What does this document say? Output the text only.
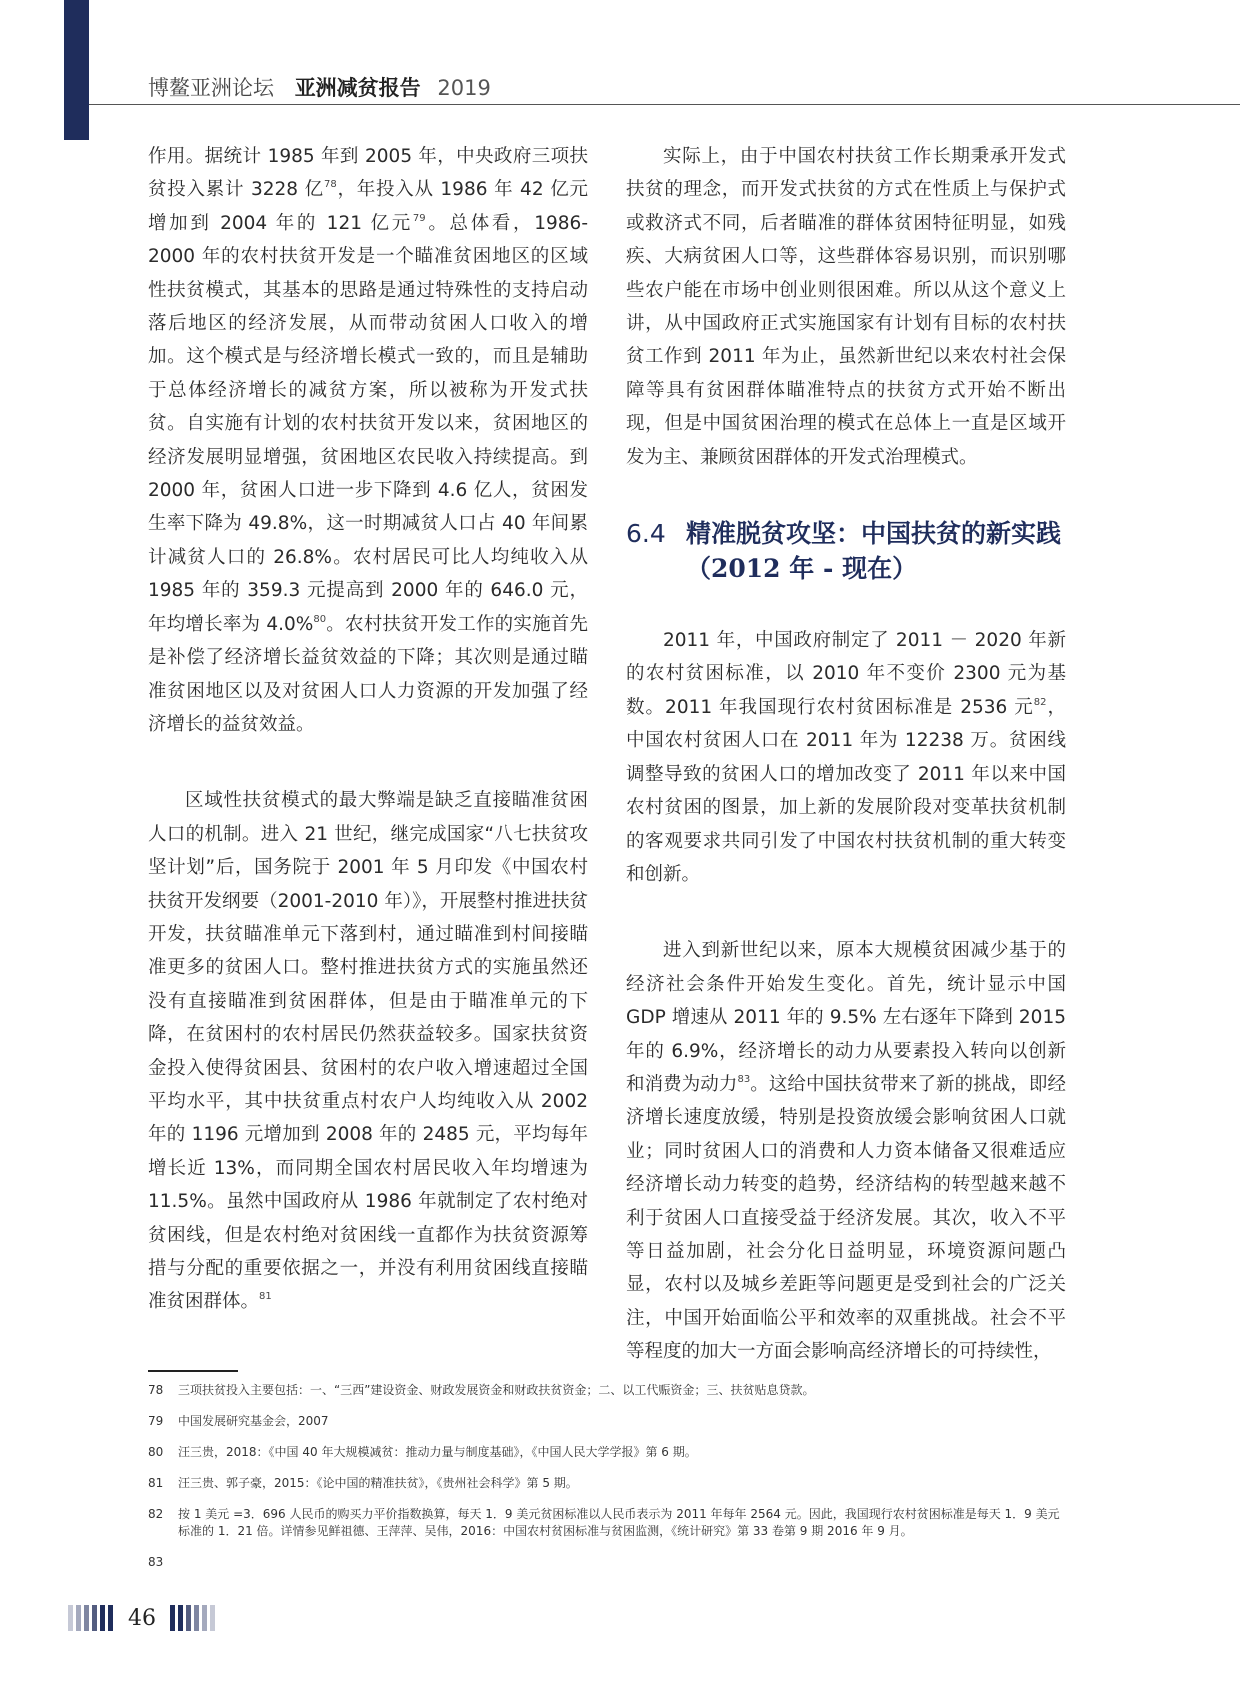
博鳌亚洲论坛 亚洲减贫报告 2019

作用。据统计 1985 年到 2005 年，中央政府三项扶贫投入累计 3228 亿$^{78}$，年投入从 1986 年 42 亿元增加到 2004 年的 121 亿元$^{79}$。总体看，1986-2000 年的农村扶贫开发是一个瞄准贫困地区的区域性扶贫模式，其基本的思路是通过特殊性的支持启动落后地区的经济发展，从而带动贫困人口收入的增加。这个模式是与经济增长模式一致的，而且是辅助于总体经济增长的减贫方案，所以被称为开发式扶贫。自实施有计划的农村扶贫开发以来，贫困地区的经济发展明显增强，贫困地区农民收入持续提高。到 2000 年，贫困人口进一步下降到 4.6 亿人，贫困发生率下降为 49.8%，这一时期减贫人口占 40 年间累计减贫人口的 26.8%。农村居民可比人均纯收入从 1985 年的 359.3 元提高到 2000 年的 646.0 元，年均增长率为 4.0%$^{80}$。农村扶贫开发工作的实施首先是补偿了经济增长益贫效益的下降；其次则是通过瞄准贫困地区以及对贫困人口人力资源的开发加强了经济增长的益贫效益。

区域性扶贫模式的最大弊端是缺乏直接瞄准贫困人口的机制。进入 21 世纪，继完成国家“八七扶贫攻坚计划”后，国务院于 2001 年 5 月印发《中国农村扶贫开发纲要（2001-2010 年）》，开展整村推进扶贫开发，扶贫瞄准单元下落到村，通过瞄准到村间接瞄准更多的贫困人口。整村推进扶贫方式的实施虽然还没有直接瞄准到贫困群体，但是由于瞄准单元的下降，在贫困村的农村居民仍然获益较多。国家扶贫资金投入使得贫困县、贫困村的农户收入增速超过全国平均水平，其中扶贫重点村农户人均纯收入从 2002 年的 1196 元增加到 2008 年的 2485 元，平均每年增长近 13%，而同期全国农村居民收入年均增速为 11.5%。虽然中国政府从 1986 年就制定了农村绝对贫困线，但是农村绝对贫困线一直都作为扶贫资源筹措与分配的重要依据之一，并没有利用贫困线直接瞄准贫困群体。$^{81}$

实际上，由于中国农村扶贫工作长期秉承开发式扶贫的理念，而开发式扶贫的方式在性质上与保护式或救济式不同，后者瞄准的群体贫困特征明显，如残疾、大病贫困人口等，这些群体容易识别，而识别哪些农户能在市场中创业则很困难。所以从这个意义上讲，从中国政府正式实施国家有计划有目标的农村扶贫工作到 2011 年为止，虽然新世纪以来农村社会保障等具有贫困群体瞄准特点的扶贫方式开始不断出现，但是中国贫困治理的模式在总体上一直是区域开发为主、兼顾贫困群体的开发式治理模式。

6.4 精准脱贫攻坚：中国扶贫的新实践（2012 年 - 现在）

2011 年，中国政府制定了 2011 － 2020 年新的农村贫困标准，以 2010 年不变价 2300 元为基数。2011 年我国现行农村贫困标准是 2536 元$^{82}$， 中国农村贫困人口在 2011 年为 12238 万。贫困线调整导致的贫困人口的增加改变了 2011 年以来中国农村贫困的图景，加上新的发展阶段对变革扶贫机制的客观要求共同引发了中国农村扶贫机制的重大转变和创新。

进入到新世纪以来，原本大规模贫困减少基于的经济社会条件开始发生变化。首先，统计显示中国 GDP 增速从 2011 年的 9.5% 左右逐年下降到 2015 年的 6.9%，经济增长的动力从要素投入转向以创新和消费为动力$^{83}$。这给中国扶贫带来了新的挑战，即经济增长速度放缓，特别是投资放缓会影响贫困人口就业；同时贫困人口的消费和人力资本储备又很难适应经济增长动力转变的趋势，经济结构的转型越来越不利于贫困人口直接受益于经济发展。其次，收入不平等日益加剧，社会分化日益明显，环境资源问题凸显，农村以及城乡差距等问题更是受到社会的广泛关注，中国开始面临公平和效率的双重挑战。社会不平等程度的加大一方面会影响高经济增长的可持续性，

78	三项扶贫投入主要包括：一、“三西”建设资金、财政发展资金和财政扶贫资金；二、以工代赈资金；三、扶贫贴息贷款。
79	中国发展研究基金会，2007
80	汪三贵，2018：《中国 40 年大规模减贫：推动力量与制度基础》，《中国人民大学学报》第 6 期。
81	汪三贵、郭子豪，2015：《论中国的精准扶贫》，《贵州社会科学》第 5 期。
82	按 1 美元 =3．696 人民币的购买力平价指数换算，每天 1．9 美元贫困标准以人民币表示为 2011 年每年 2564 元。因此，我国现行农村贫困标准是每天 1．9 美元标准的 1．21 倍。详情参见鲜祖德、王萍萍、吴伟，2016：中国农村贫困标准与贫困监测，《统计研究》第 33 卷第 9 期 2016 年 9 月。
83
46
